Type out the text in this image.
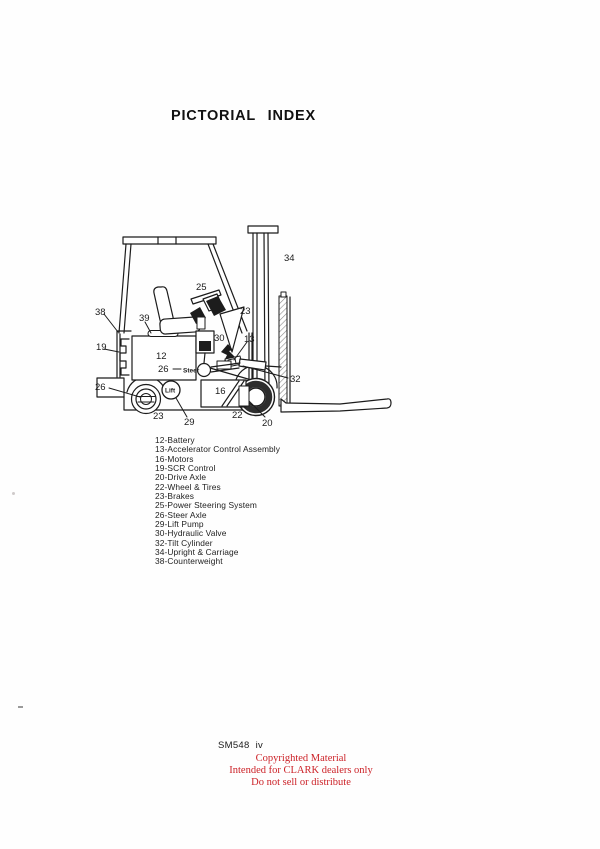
PICTORIAL INDEX
38
39
19
25
23
30 13
34
12
26
26
23
29
16
22
20
32
Steer
Lift
12-Battery
13-Accelerator Control Assembly
16-Motors
19-SCR Control
20-Drive Axle
22-Wheel & Tires
23-Brakes
25-Power Steering System
26-Steer Axle
29-Lift Pump
30-Hydraulic Valve
32-Tilt Cylinder
34-Upright & Carriage
38-Counterweight
SM548 iv
Copyrighted Material
Intended for CLARK dealers only
Do not sell or distribute
